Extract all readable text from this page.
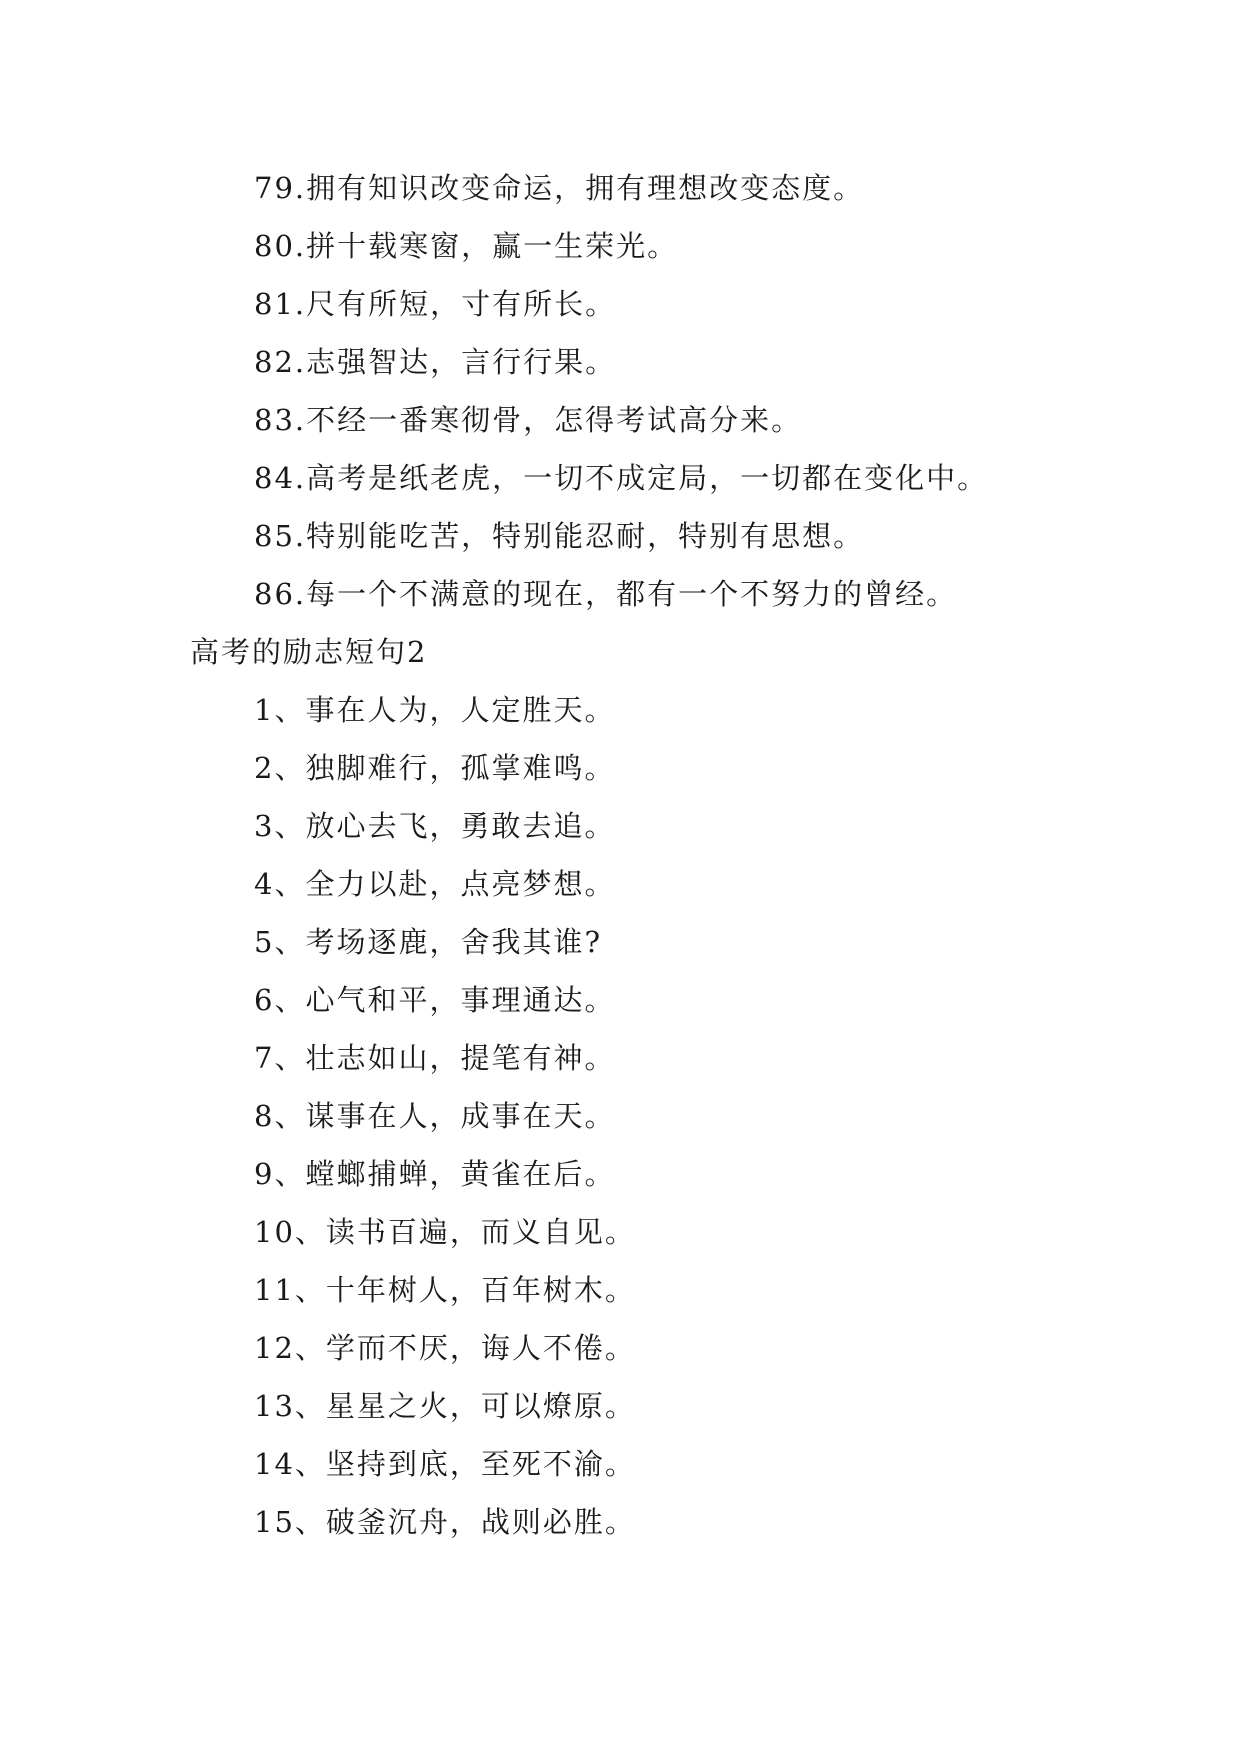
79.拥有知识改变命运，拥有理想改变态度。
80.拼十载寒窗，赢一生荣光。
81.尺有所短，寸有所长。
82.志强智达，言行行果。
83.不经一番寒彻骨，怎得考试高分来。
84.高考是纸老虎，一切不成定局，一切都在变化中。
85.特别能吃苦，特别能忍耐，特别有思想。
86.每一个不满意的现在，都有一个不努力的曾经。
高考的励志短句2
1、事在人为，人定胜天。
2、独脚难行，孤掌难鸣。
3、放心去飞，勇敢去追。
4、全力以赴，点亮梦想。
5、考场逐鹿，舍我其谁?
6、心气和平，事理通达。
7、壮志如山，提笔有神。
8、谋事在人，成事在天。
9、螳螂捕蝉，黄雀在后。
10、读书百遍，而义自见。
11、十年树人，百年树木。
12、学而不厌，诲人不倦。
13、星星之火，可以燎原。
14、坚持到底，至死不渝。
15、破釜沉舟，战则必胜。
